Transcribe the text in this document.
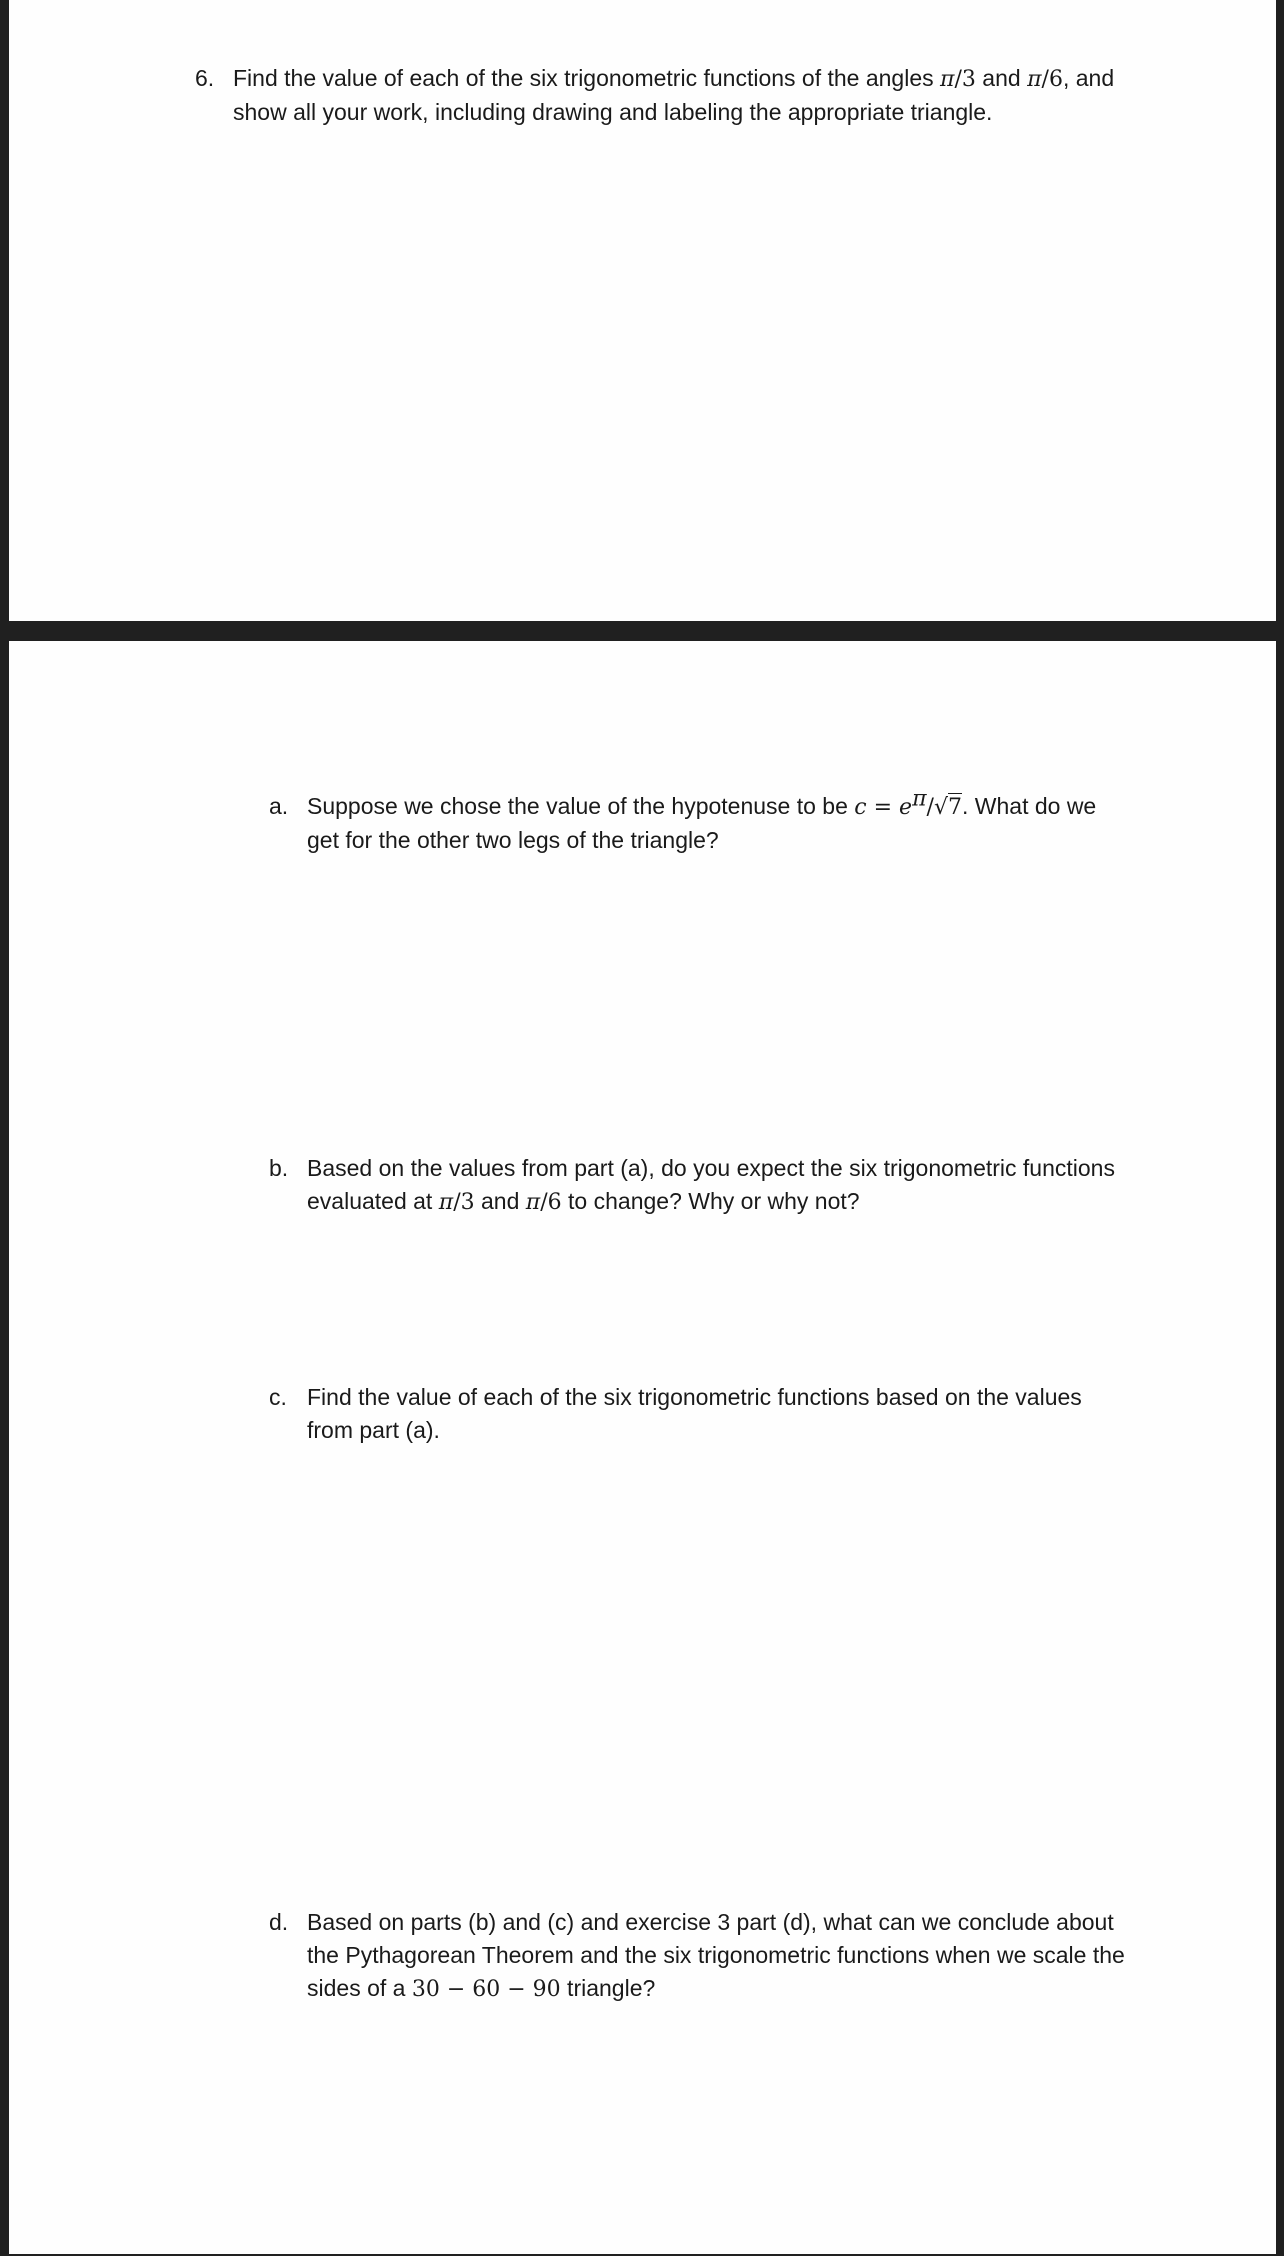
6. Find the value of each of the six trigonometric functions of the angles π/3 and π/6, and
show all your work, including drawing and labeling the appropriate triangle.
a. Suppose we chose the value of the hypotenuse to be $c = e^\pi/√7$. What do we
get for the other two legs of the triangle?
b. Based on the values from part (a), do you expect the six trigonometric functions
evaluated at π/3 and π/6 to change? Why or why not?
c. Find the value of each of the six trigonometric functions based on the values
from part (a).
d. Based on parts (b) and (c) and exercise 3 part (d), what can we conclude about
the Pythagorean Theorem and the six trigonometric functions when we scale the
sides of a 30 − 60 − 90 triangle?
